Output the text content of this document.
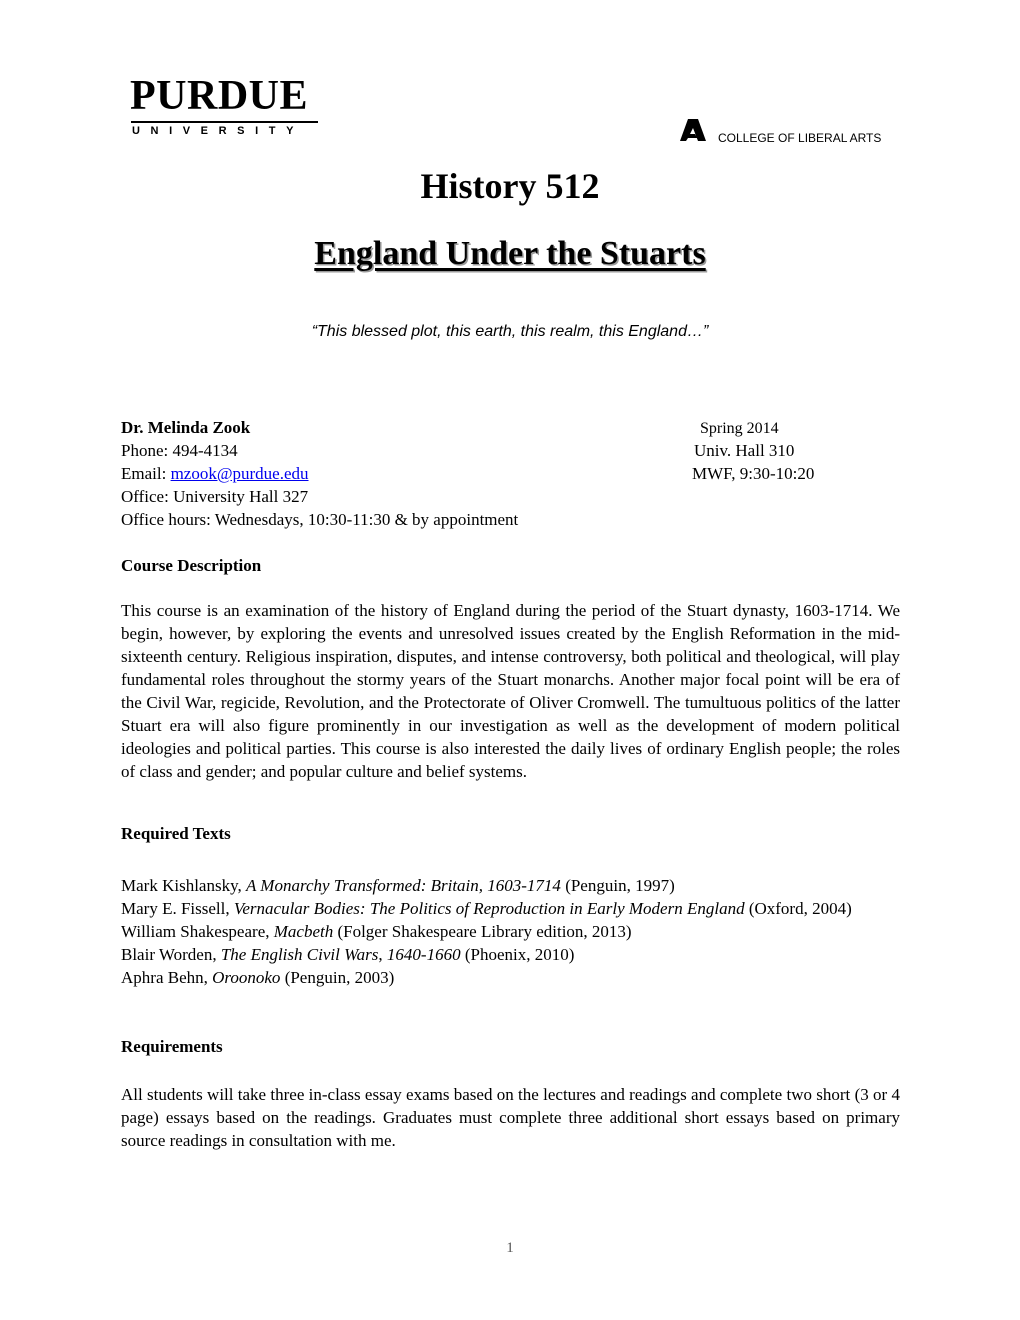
PURDUE
UNIVERSITY	COLLEGE OF LIBERAL ARTS
History 512
England Under the Stuarts
“This blessed plot, this earth, this realm, this England…”
Dr. Melinda Zook
Phone: 494-4134
Email: mzook@purdue.edu
Office: University Hall 327
Office hours: Wednesdays, 10:30-11:30 & by appointment
Spring 2014
Univ. Hall 310
MWF, 9:30-10:20
Course Description
This course is an examination of the history of England during the period of the Stuart dynasty, 1603-1714. We begin, however, by exploring the events and unresolved issues created by the English Reformation in the mid-sixteenth century. Religious inspiration, disputes, and intense controversy, both political and theological, will play fundamental roles throughout the stormy years of the Stuart monarchs. Another major focal point will be era of the Civil War, regicide, Revolution, and the Protectorate of Oliver Cromwell. The tumultuous politics of the latter Stuart era will also figure prominently in our investigation as well as the development of modern political ideologies and political parties. This course is also interested the daily lives of ordinary English people; the roles of class and gender; and popular culture and belief systems.
Required Texts
Mark Kishlansky, A Monarchy Transformed: Britain, 1603-1714 (Penguin, 1997)
Mary E. Fissell, Vernacular Bodies: The Politics of Reproduction in Early Modern England (Oxford, 2004)
William Shakespeare, Macbeth (Folger Shakespeare Library edition, 2013)
Blair Worden, The English Civil Wars, 1640-1660 (Phoenix, 2010)
Aphra Behn, Oroonoko (Penguin, 2003)
Requirements
All students will take three in-class essay exams based on the lectures and readings and complete two short (3 or 4 page) essays based on the readings. Graduates must complete three additional short essays based on primary source readings in consultation with me.
1
